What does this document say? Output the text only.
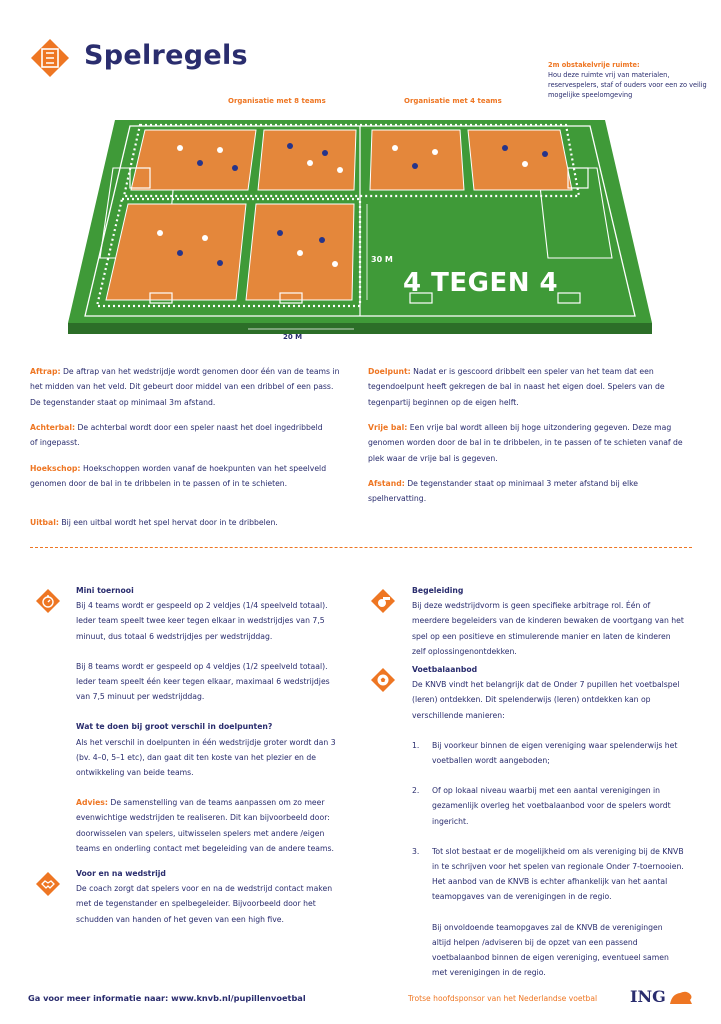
Spelregels	2m obstakelvrije ruimte:
Hou deze ruimte vrij van materialen, reservespelers, staf of ouders voor een zo veilig mogelijke speelomgeving
Organisatie met 8 teams	Organisatie met 4 teams
30 M
20 M
4 TEGEN 4
Aftrap: De aftrap van het wedstrijdje wordt genomen door één van de teams in het midden van het veld. Dit gebeurt door middel van een dribbel of een pass. De tegenstander staat op minimaal 3m afstand.
Achterbal: De achterbal wordt door een speler naast het doel ingedribbeld of ingepasst.
Hoekschop: Hoekschoppen worden vanaf de hoekpunten van het speelveld genomen door de bal in te dribbelen in te passen of in te schieten.
Uitbal: Bij een uitbal wordt het spel hervat door in te dribbelen.
Doelpunt: Nadat er is gescoord dribbelt een speler van het team dat een tegendoelpunt heeft gekregen de bal in naast het eigen doel. Spelers van de tegenpartij beginnen op de eigen helft.
Vrije bal: Een vrije bal wordt alleen bij hoge uitzondering gegeven. Deze mag genomen worden door de bal in te dribbelen, in te passen of te schieten vanaf de plek waar de vrije bal is gegeven.
Afstand: De tegenstander staat op minimaal 3 meter afstand bij elke spelhervatting.

Mini toernooi

Bij 4 teams wordt er gespeeld op 2 veldjes (1/4 speelveld totaal). Ieder team speelt twee keer tegen elkaar in wedstrijdjes van 7,5 minuut, dus totaal 6 wedstrijdjes per wedstrijddag.

Bij 8 teams wordt er gespeeld op 4 veldjes (1/2 speelveld totaal). Ieder team speelt één keer tegen elkaar, maximaal 6 wedstrijdjes van 7,5 minuut per wedstrijddag.

Wat te doen bij groot verschil in doelpunten?

Als het verschil in doelpunten in één wedstrijdje groter wordt dan 3 (bv. 4–0, 5–1 etc), dan gaat dit ten koste van het plezier en de ontwikkeling van beide teams.

Advies: De samenstelling van de teams aanpassen om zo meer evenwichtige wedstrijden te realiseren. Dit kan bijvoorbeeld door: doorwisselen van spelers, uitwisselen spelers met andere /eigen teams en onderling contact met begeleiding van de andere teams.

Voor en na wedstrijd

De coach zorgt dat spelers voor en na de wedstrijd contact maken met de tegenstander en spelbegeleider. Bijvoorbeeld door het schudden van handen of het geven van een high five.

Begeleiding

Bij deze wedstrijdvorm is geen specifieke arbitrage rol. Één of meerdere begeleiders van de kinderen bewaken de voortgang van het spel op een positieve en stimulerende manier en laten de kinderen zelf oplossingenontdekken.

Voetbalaanbod

De KNVB vindt het belangrijk dat de Onder 7 pupillen het voetbalspel (leren) ontdekken. Dit spelenderwijs (leren) ontdekken kan op verschillende manieren:

1. Bij voorkeur binnen de eigen vereniging waar spelenderwijs het voetballen wordt aangeboden;
2. Of op lokaal niveau waarbij met een aantal verenigingen in gezamenlijk overleg het voetbalaanbod voor de spelers wordt ingericht.
3. Tot slot bestaat er de mogelijkheid om als vereniging bij de KNVB in te schrijven voor het spelen van regionale Onder 7-toernooien. Het aanbod van de KNVB is echter afhankelijk van het aantal teamopgaves van de verenigingen in de regio.

Bij onvoldoende teamopgaves zal de KNVB de verenigingen altijd helpen /adviseren bij de opzet van een passend voetbalaanbod binnen de eigen vereniging, eventueel samen met verenigingen in de regio.

Ga voor meer informatie naar: www.knvb.nl/pupillenvoetbal	Trotse hoofdsponsor van het Nederlandse voetbal ING
